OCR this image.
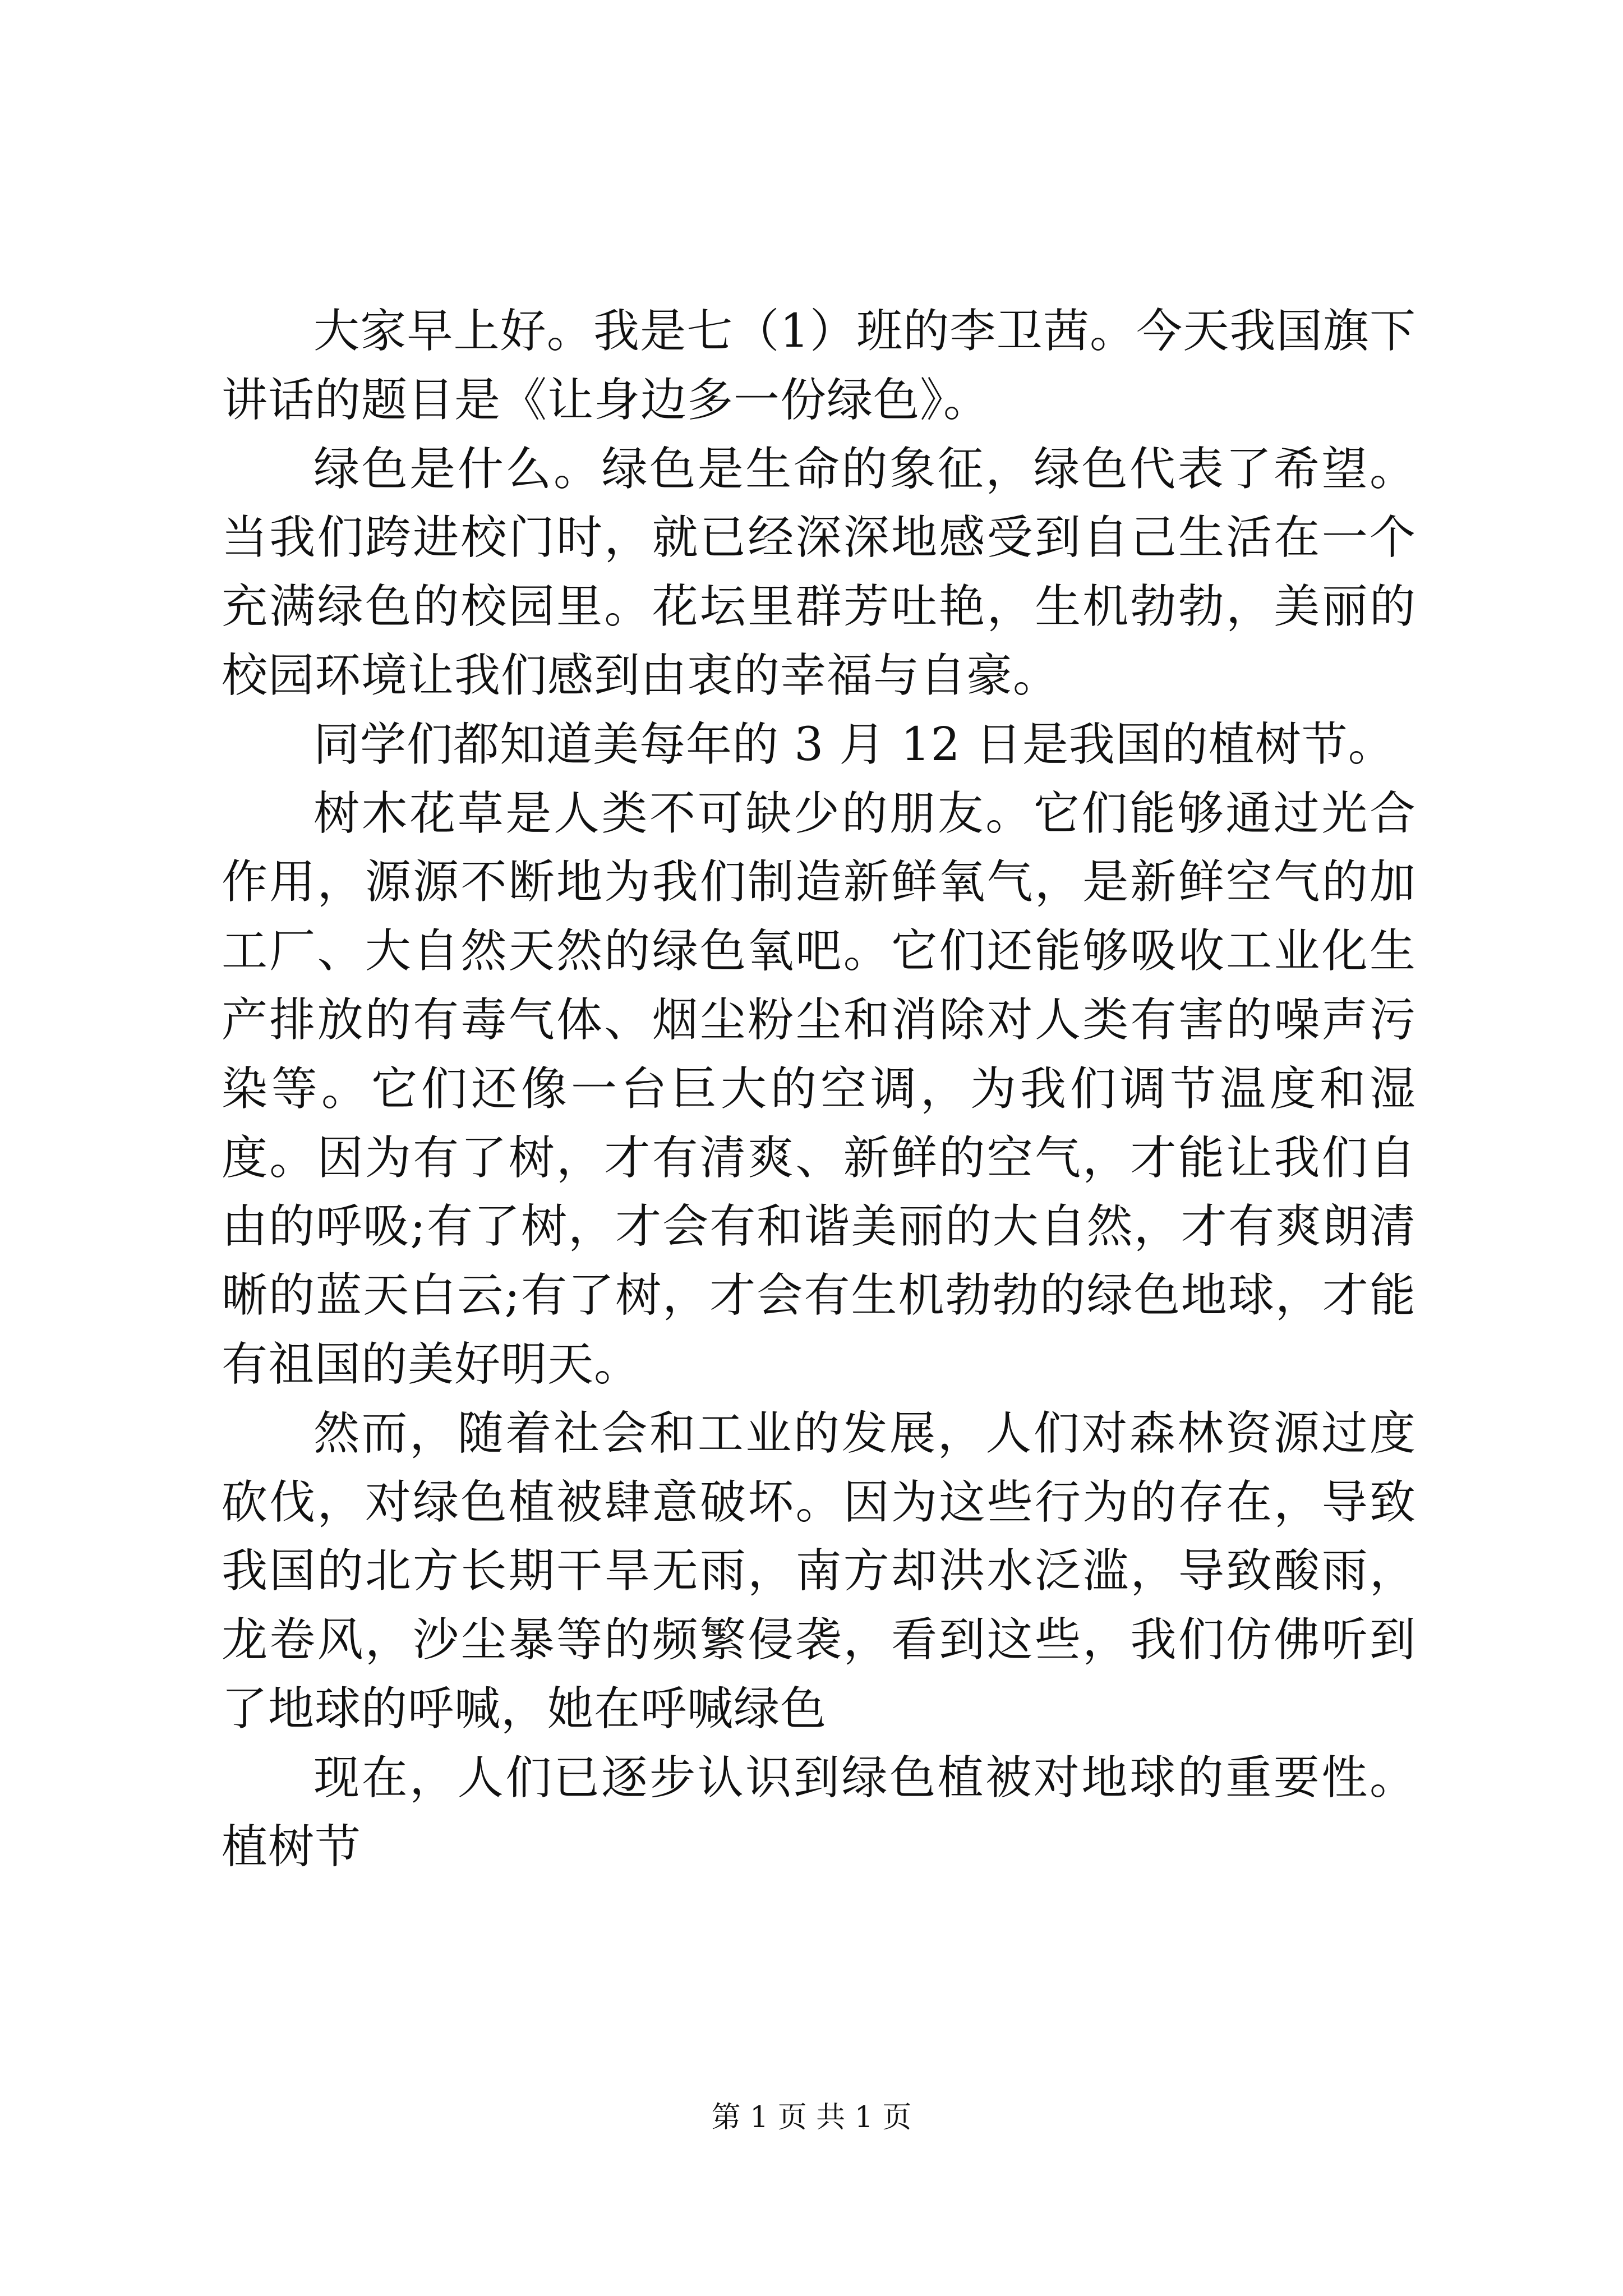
大家早上好。我是七（1）班的李卫茜。今天我国旗下讲话的题目是《让身边多一份绿色》。

绿色是什么。绿色是生命的象征，绿色代表了希望。当我们跨进校门时，就已经深深地感受到自己生活在一个充满绿色的校园里。花坛里群芳吐艳，生机勃勃，美丽的校园环境让我们感到由衷的幸福与自豪。

同学们都知道美每年的 3 月 12 日是我国的植树节。

树木花草是人类不可缺少的朋友。它们能够通过光合作用，源源不断地为我们制造新鲜氧气，是新鲜空气的加工厂、大自然天然的绿色氧吧。它们还能够吸收工业化生产排放的有毒气体、烟尘粉尘和消除对人类有害的噪声污染等。它们还像一台巨大的空调，为我们调节温度和湿度。因为有了树，才有清爽、新鲜的空气，才能让我们自由的呼吸;有了树，才会有和谐美丽的大自然，才有爽朗清晰的蓝天白云;有了树，才会有生机勃勃的绿色地球，才能有祖国的美好明天。

然而，随着社会和工业的发展，人们对森林资源过度砍伐，对绿色植被肆意破坏。因为这些行为的存在，导致我国的北方长期干旱无雨，南方却洪水泛滥，导致酸雨，龙卷风，沙尘暴等的频繁侵袭，看到这些，我们仿佛听到了地球的呼喊，她在呼喊绿色

现在，人们已逐步认识到绿色植被对地球的重要性。植树节

第 1 页 共 1 页
